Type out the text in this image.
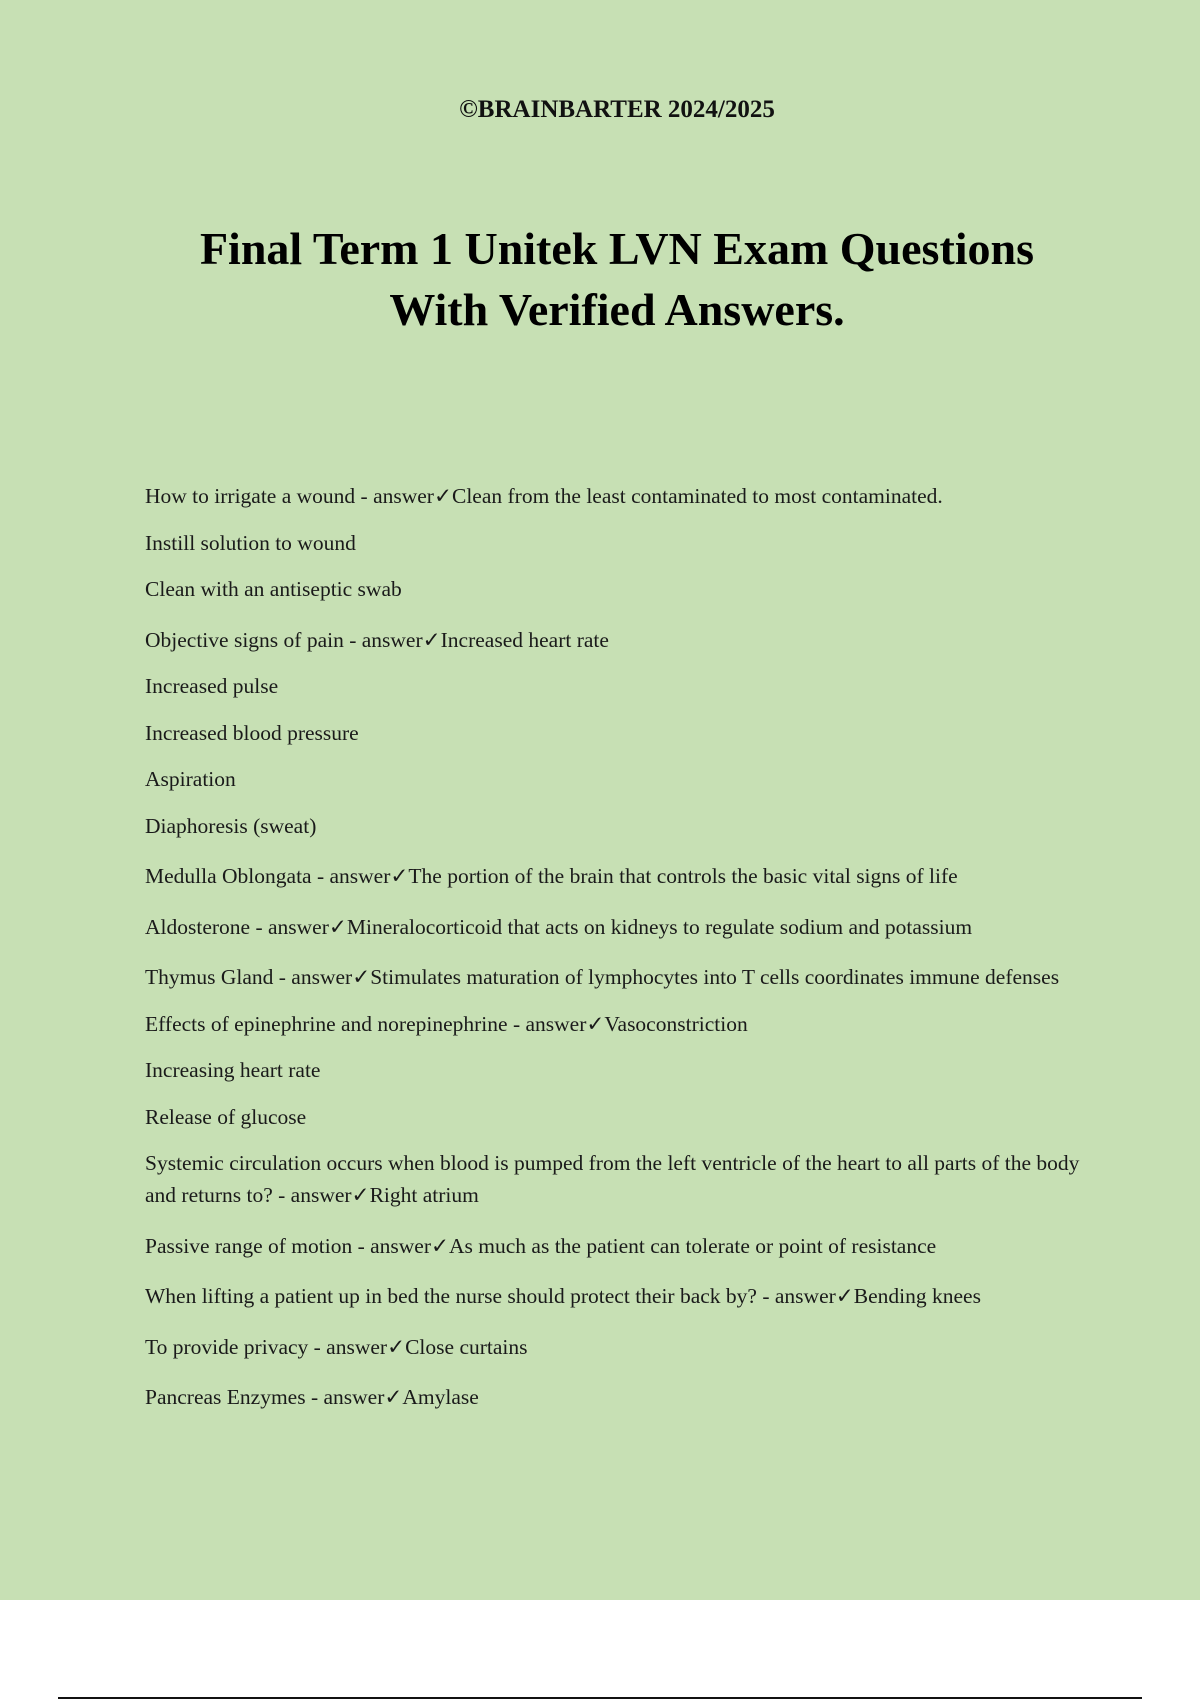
©BRAINBARTER 2024/2025
Final Term 1 Unitek LVN Exam Questions
With Verified Answers.

How to irrigate a wound - answer✓Clean from the least contaminated to most contaminated.

Instill solution to wound

Clean with an antiseptic swab

Objective signs of pain - answer✓Increased heart rate

Increased pulse

Increased blood pressure

Aspiration

Diaphoresis (sweat)

Medulla Oblongata - answer✓The portion of the brain that controls the basic vital signs of life

Aldosterone - answer✓Mineralocorticoid that acts on kidneys to regulate sodium and potassium

Thymus Gland - answer✓Stimulates maturation of lymphocytes into T cells coordinates immune defenses

Effects of epinephrine and norepinephrine - answer✓Vasoconstriction

Increasing heart rate

Release of glucose

Systemic circulation occurs when blood is pumped from the left ventricle of the heart to all parts of the body and returns to? - answer✓Right atrium

Passive range of motion - answer✓As much as the patient can tolerate or point of resistance

When lifting a patient up in bed the nurse should protect their back by? - answer✓Bending knees

To provide privacy - answer✓Close curtains

Pancreas Enzymes - answer✓Amylase
